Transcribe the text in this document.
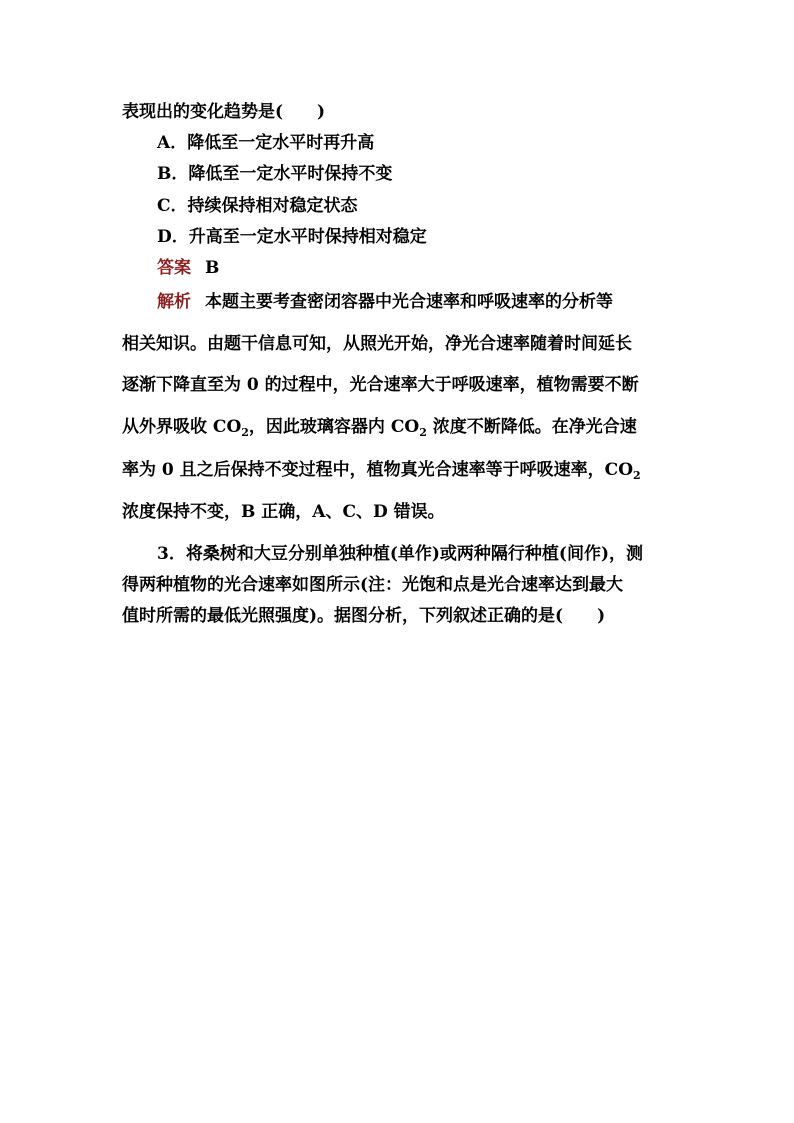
表现出的变化趋势是(　　)
A．降低至一定水平时再升高
B．降低至一定水平时保持不变
C．持续保持相对稳定状态
D．升高至一定水平时保持相对稳定
答案 B
解析 本题主要考查密闭容器中光合速率和呼吸速率的分析等
相关知识。由题干信息可知，从照光开始，净光合速率随着时间延长
逐渐下降直至为 0 的过程中，光合速率大于呼吸速率，植物需要不断
从外界吸收 $CO_2$，因此玻璃容器内 $CO_2$ 浓度不断降低。在净光合速
率为 0 且之后保持不变过程中，植物真光合速率等于呼吸速率，$CO_2$
浓度保持不变，B 正确，A、C、D 错误。
3．将桑树和大豆分别单独种植(单作)或两种隔行种植(间作)，测
得两种植物的光合速率如图所示(注：光饱和点是光合速率达到最大
值时所需的最低光照强度)。据图分析，下列叙述正确的是(　　)
